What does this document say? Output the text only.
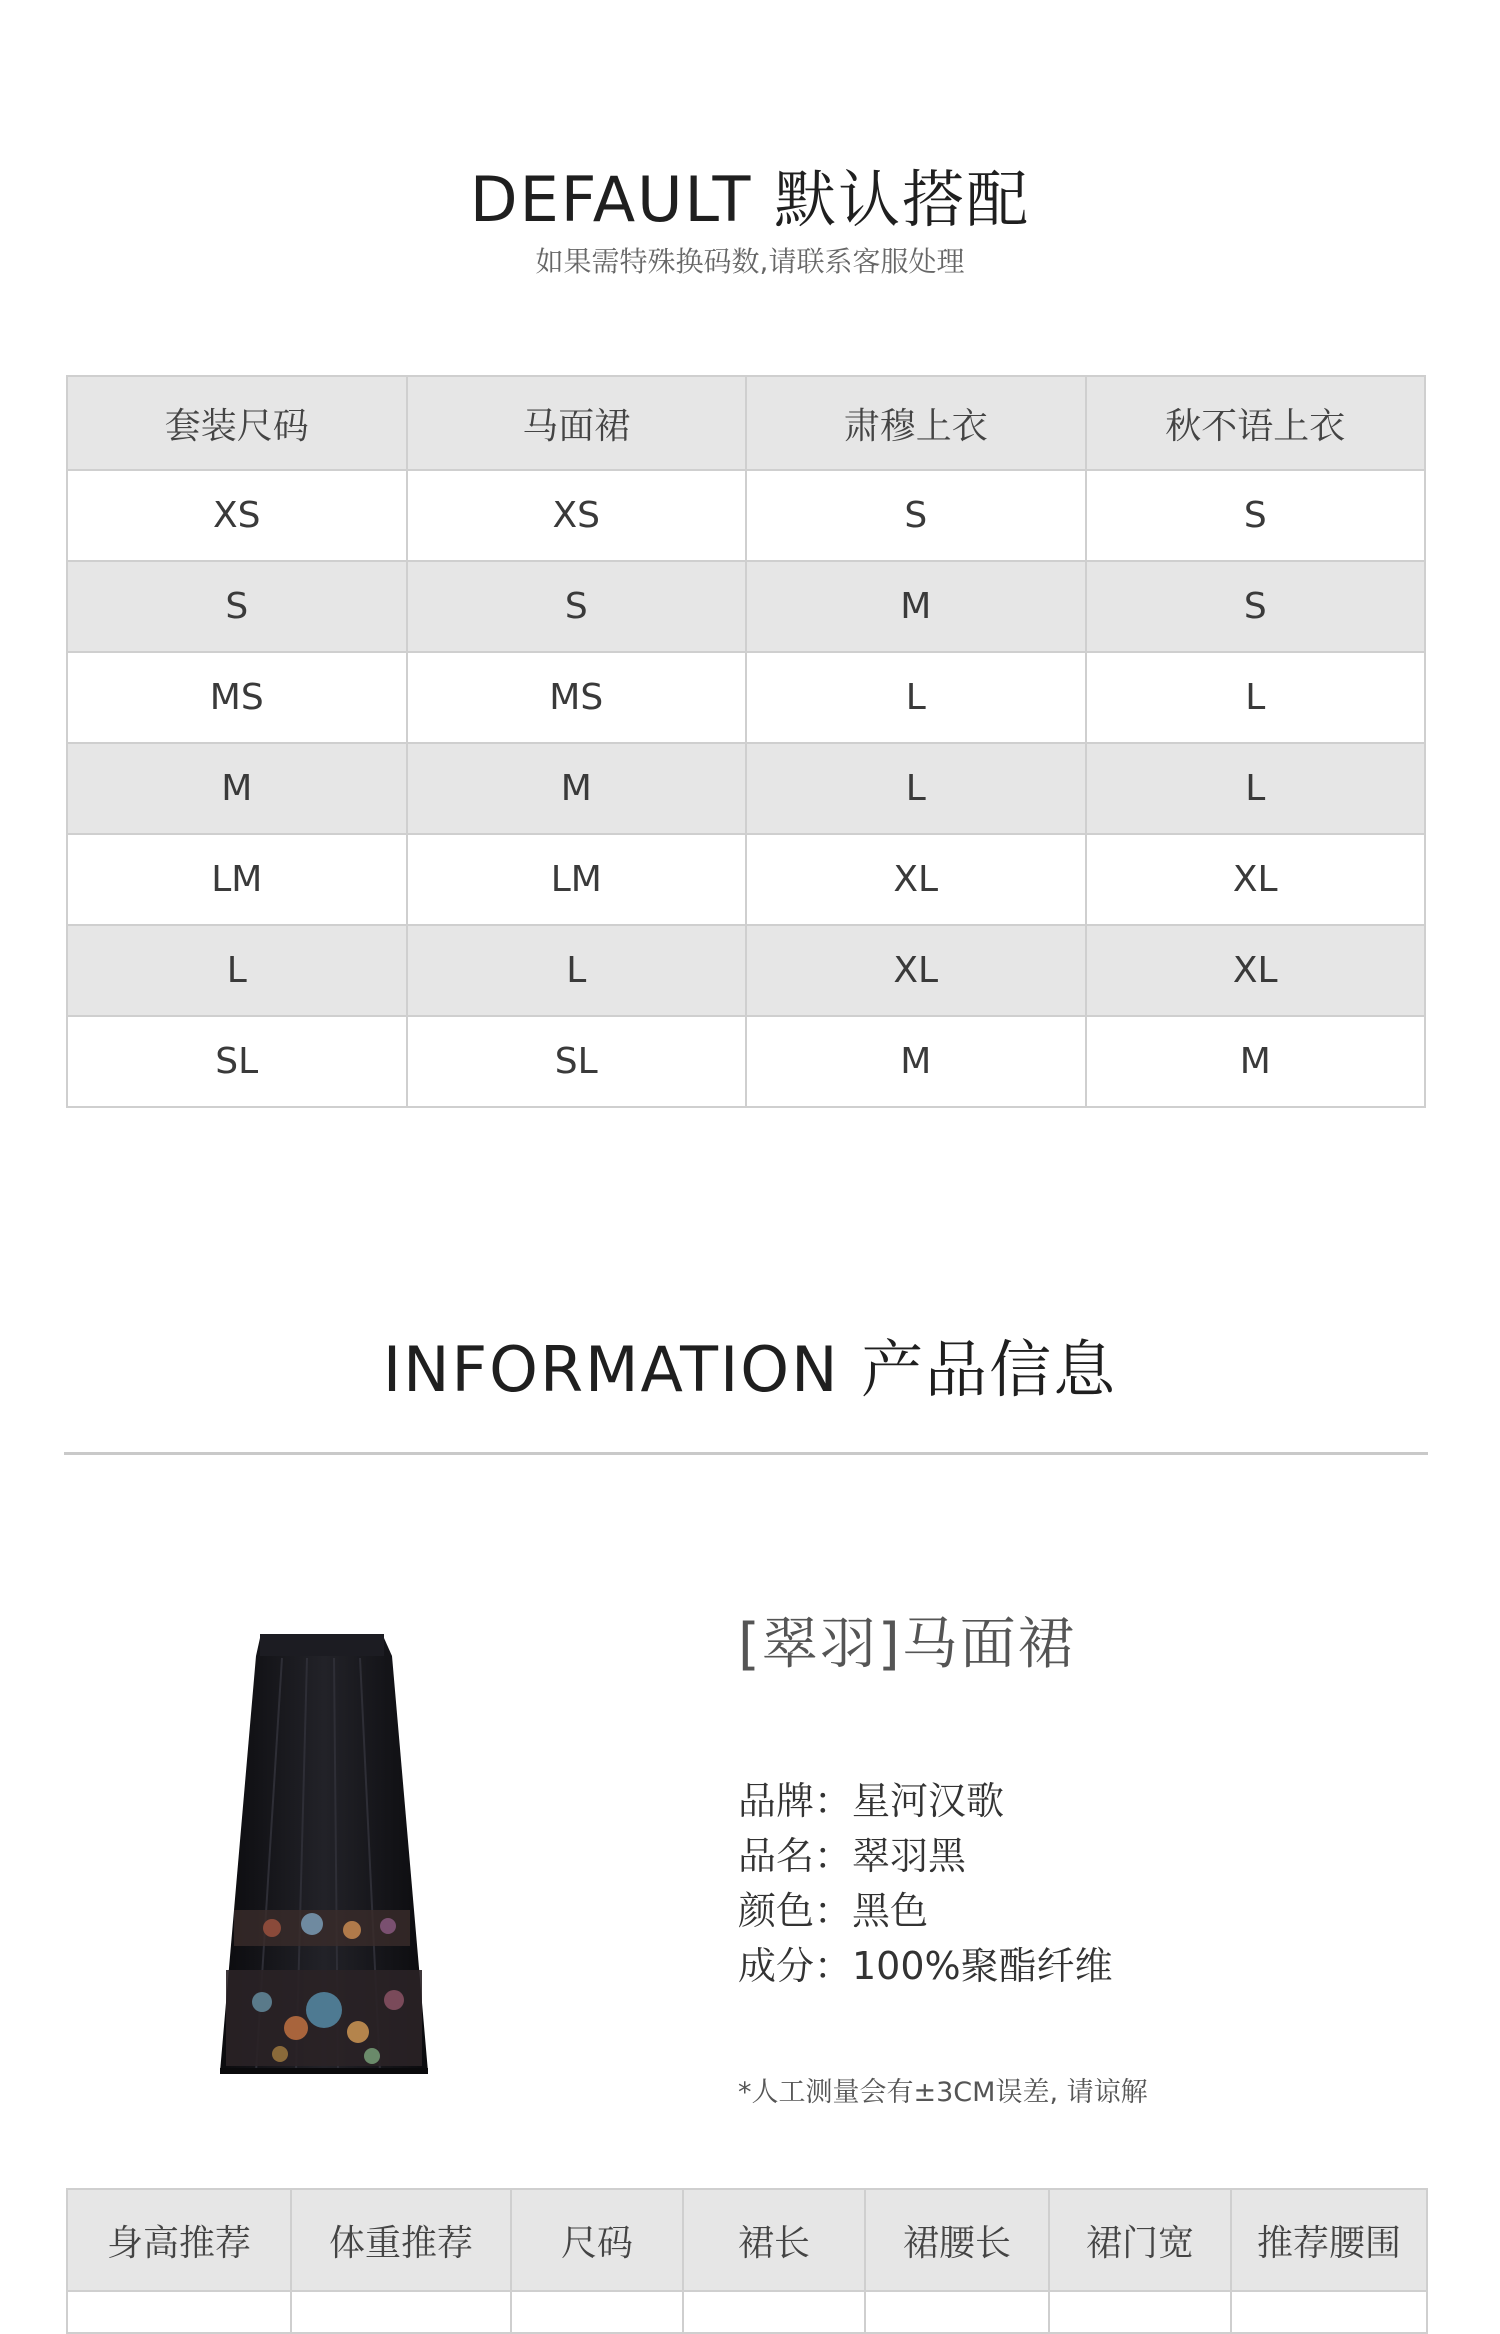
DEFAULT 默认搭配
如果需特殊换码数,请联系客服处理
套装尺码	马面裙	肃穆上衣	秋不语上衣
XS	XS	S	S
S	S	M	S
MS	MS	L	L
M	M	L	L
LM	LM	XL	XL
L	L	XL	XL
SL	SL	M	M
INFORMATION 产品信息
[翠羽]马面裙
品牌：星河汉歌
品名：翠羽黑
颜色：黑色
成分：100%聚酯纤维
*人工测量会有±3CM误差, 请谅解
身高推荐	体重推荐	尺码	裙长	裙腰长	裙门宽	推荐腰围
